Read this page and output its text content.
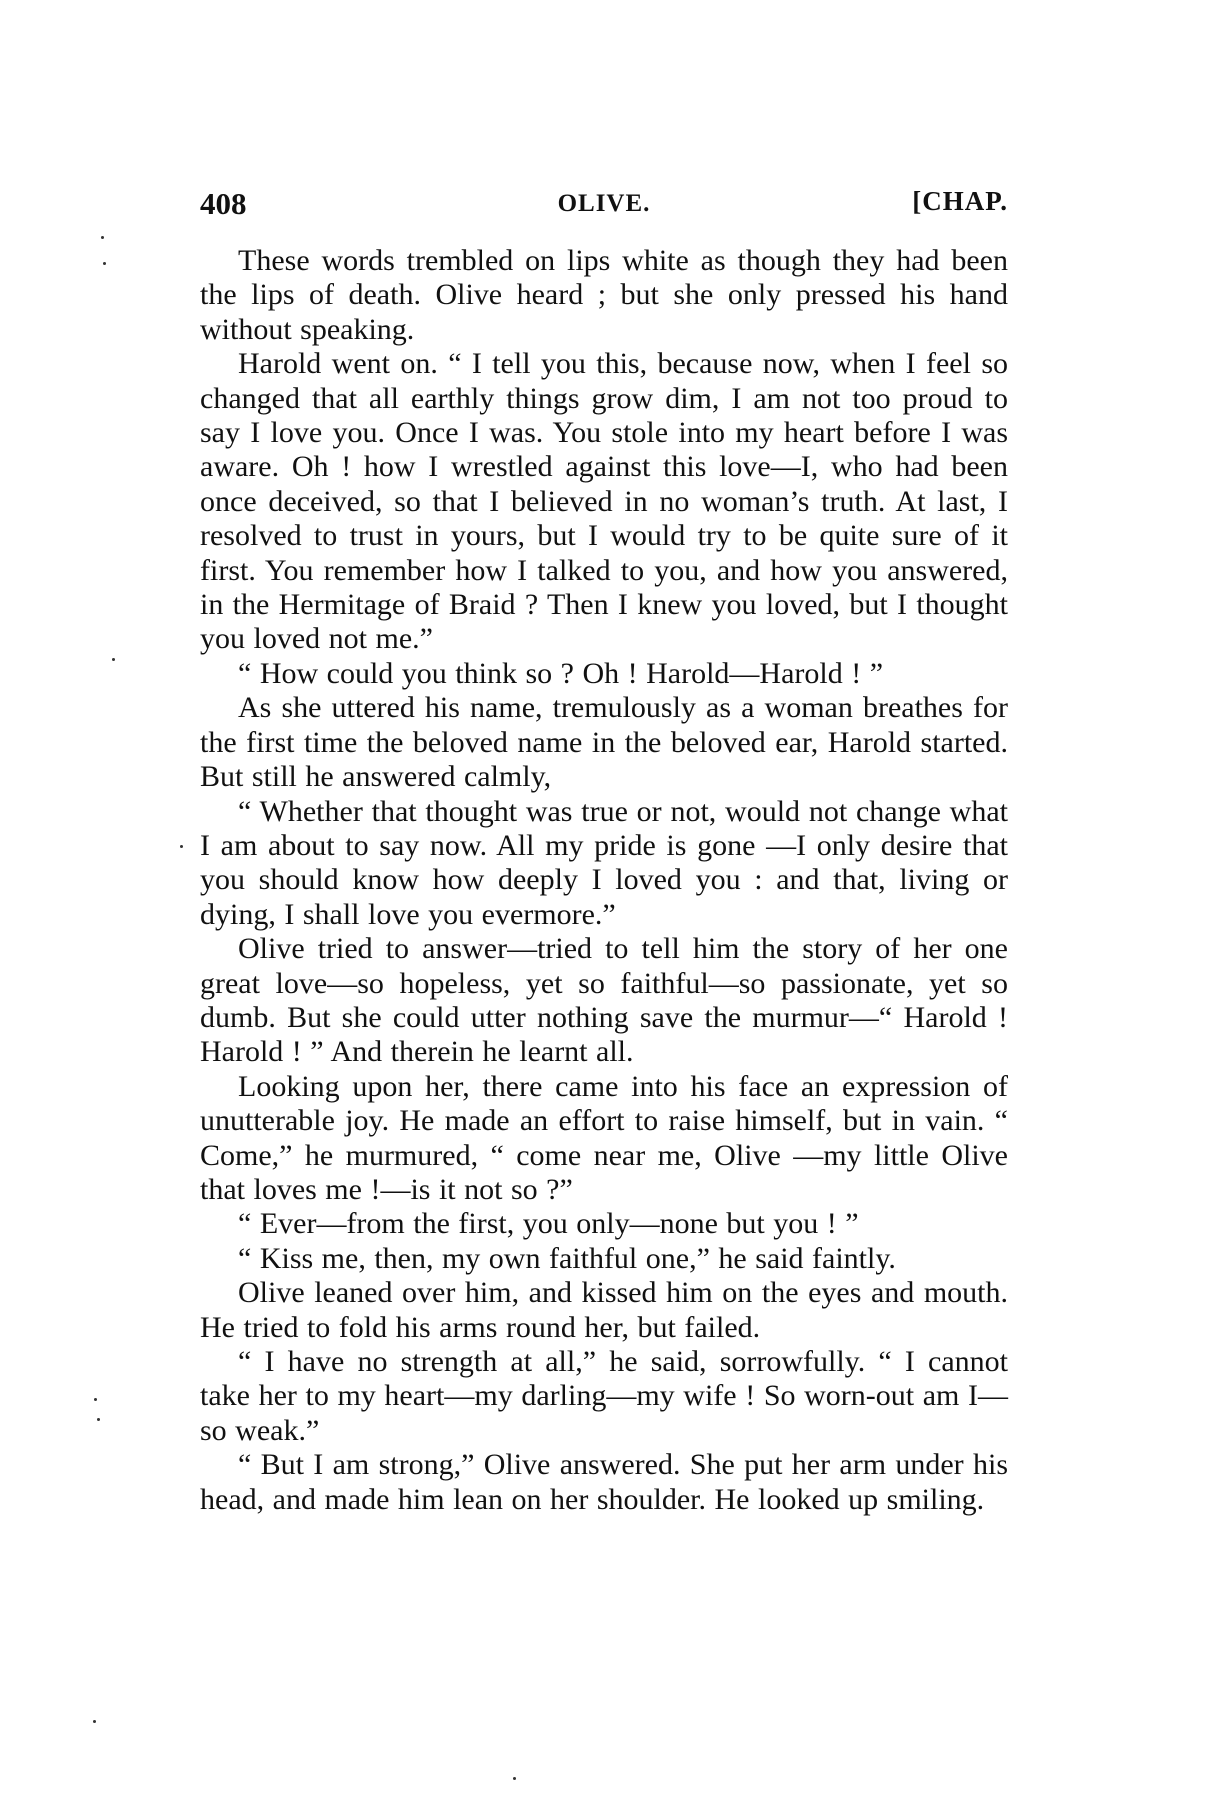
408	OLIVE.	[CHAP.

These words trembled on lips white as though they had been the lips of death. Olive heard ; but she only pressed his hand without speaking.

Harold went on. “ I tell you this, because now, when I feel so changed that all earthly things grow dim, I am not too proud to say I love you. Once I was. You stole into my heart before I was aware. Oh ! how I wrestled against this love—I, who had been once deceived, so that I believed in no woman’s truth. At last, I resolved to trust in yours, but I would try to be quite sure of it first. You remember how I talked to you, and how you answered, in the Hermitage of Braid ? Then I knew you loved, but I thought you loved not me.”

“ How could you think so ? Oh ! Harold—Harold ! ”

As she uttered his name, tremulously as a woman breathes for the first time the beloved name in the beloved ear, Harold started. But still he answered calmly,

“ Whether that thought was true or not, would not change what I am about to say now. All my pride is gone —I only desire that you should know how deeply I loved you : and that, living or dying, I shall love you evermore.”

Olive tried to answer—tried to tell him the story of her one great love—so hopeless, yet so faithful—so passionate, yet so dumb. But she could utter nothing save the murmur—“ Harold ! Harold ! ” And therein he learnt all.

Looking upon her, there came into his face an expression of unutterable joy. He made an effort to raise himself, but in vain. “ Come,” he murmured, “ come near me, Olive —my little Olive that loves me !—is it not so ?”

“ Ever—from the first, you only—none but you ! ”

“ Kiss me, then, my own faithful one,” he said faintly.

Olive leaned over him, and kissed him on the eyes and mouth. He tried to fold his arms round her, but failed.

“ I have no strength at all,” he said, sorrowfully. “ I cannot take her to my heart—my darling—my wife ! So worn-out am I—so weak.”

“ But I am strong,” Olive answered. She put her arm under his head, and made him lean on her shoulder. He looked up smiling.
